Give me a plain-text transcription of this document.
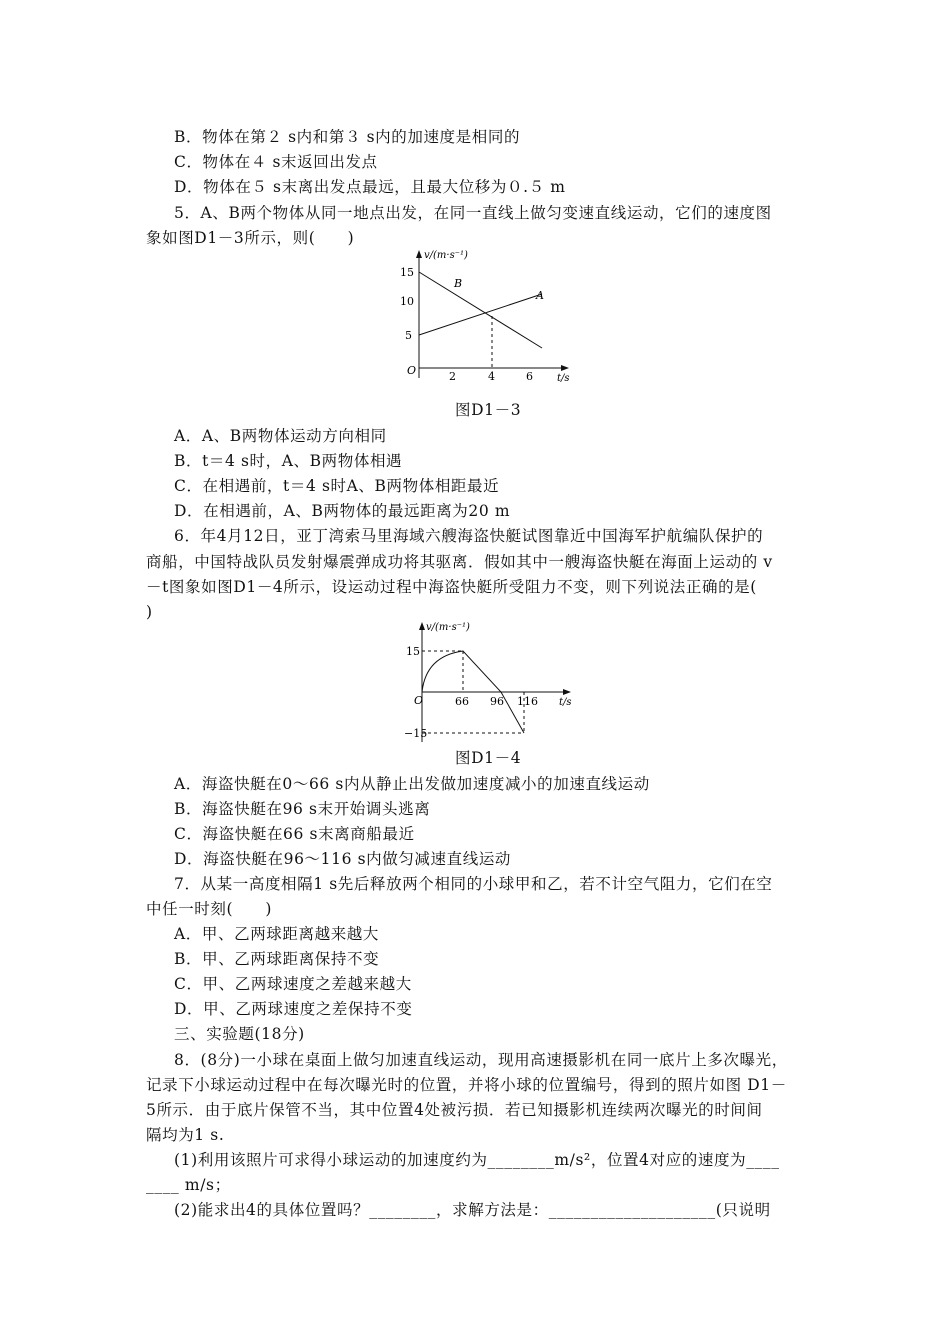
B．物体在第２ s内和第３ s内的加速度是相同的
C．物体在４ s末返回出发点
D．物体在５ s末离出发点最远，且最大位移为０.５ m
5．A、B两个物体从同一地点出发，在同一直线上做匀变速直线运动，它们的速度图
象如图D1－3所示，则(　　)
v/(m·s⁻¹)
t/s
O
15
10
5
2	4	6
B
A
图D1－3
A．A、B两物体运动方向相同
B．t＝4 s时，A、B两物体相遇
C．在相遇前，t＝4 s时A、B两物体相距最近
D．在相遇前，A、B两物体的最远距离为20 m
6．年4月12日，亚丁湾索马里海域六艘海盗快艇试图靠近中国海军护航编队保护的
商船，中国特战队员发射爆震弹成功将其驱离．假如其中一艘海盗快艇在海面上运动的 v
－t图象如图D1－4所示，设运动过程中海盗快艇所受阻力不变，则下列说法正确的是(
)
v/(m·s⁻¹)
t/s
O
15
−15
66 96 116
图D1－4
A．海盗快艇在0～66 s内从静止出发做加速度减小的加速直线运动
B．海盗快艇在96 s末开始调头逃离
C．海盗快艇在66 s末离商船最近
D．海盗快艇在96～116 s内做匀减速直线运动
7．从某一高度相隔1 s先后释放两个相同的小球甲和乙，若不计空气阻力，它们在空
中任一时刻(　　)
A．甲、乙两球距离越来越大
B．甲、乙两球距离保持不变
C．甲、乙两球速度之差越来越大
D．甲、乙两球速度之差保持不变
三、实验题(18分)
8．(8分)一小球在桌面上做匀加速直线运动，现用高速摄影机在同一底片上多次曝光，
记录下小球运动过程中在每次曝光时的位置，并将小球的位置编号，得到的照片如图 D1－
5所示．由于底片保管不当，其中位置4处被污损．若已知摄影机连续两次曝光的时间间
隔均为1 s.
(1)利用该照片可求得小球运动的加速度约为________m/s²，位置4对应的速度为____
____ m/s；
(2)能求出4的具体位置吗？________，求解方法是：____________________(只说明
